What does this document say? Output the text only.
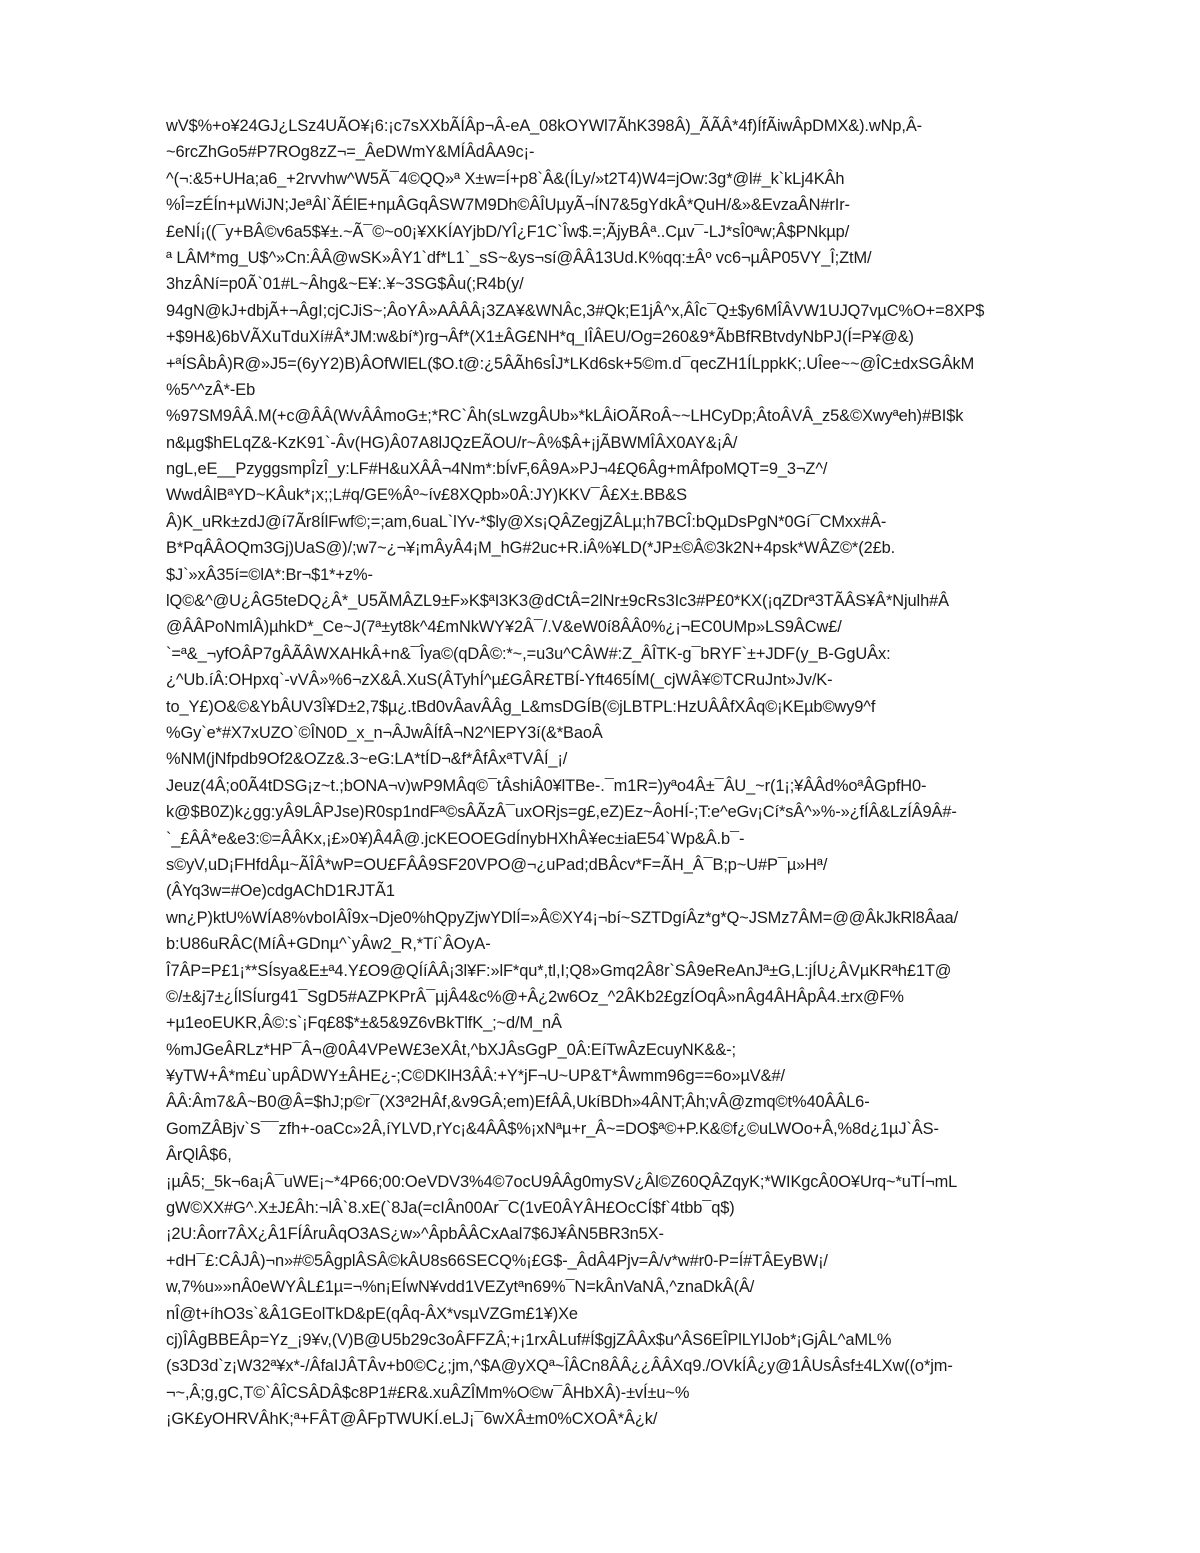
wV$%+o¥24GJ¿LSz4UÃO¥¡6:¡c7sXXbÃÍÂp¬Â-eA_08kOYWl7ÃhK398Â)_ÃÃÂ*4f)ÍfÃiwÂpDMX&).wNp,Â-
~6rcZhGo5#P7ROg8zZ¬=_ÂeDWmY&MÍÂdÂA9c¡-
^(¬:&5+UHa;a6_+2rvvhw^W5Ã¯4©QQ»ª X±w=Í+p8`Â&(ÍLy/»t2T4)W4=jOw:3g*@l#_k`kLj4KÂh
%Î=zÉÍn+µWiJN;JeªÂl`ÃÉlE+nµÂGqÂSW7M9Dh©ÂÎUµyÃ¬ÍN7&5gYdkÂ*QuH/&»&EvzaÂN#rIr-
£eNÍ¡((¯y+BÂ©v6a5$¥±.~Ã¯©~o0¡¥XKÍAYjbD/YÎ¿F1C`Îw$.=;ÃjyBÂª..Cµv¯-LJ*sÎ0ªw;Â$PNkµp/
ª LÂM*mg_U$^»Cn:ÂÂ@wSK»ÂY1`df*L1`_sS~&ys¬sí@ÂÂ13Ud.K%qq:±Âº vc6¬µÂP05VY_Î;ZtM/
3hzÂNí=p0Ã`01#L~Âhg&~E¥:.¥~3SG$Âu(;R4b(y/
94gN@kJ+dbjÃ+¬ÂgI;cjCJiS~;ÂoYÂ»AÂÂÂ¡3ZA¥&WNÂc,3#Qk;E1jÂ^x,ÂÎc¯Q±$y6MÎÂVW1UJQ7vµC%O+=8XP$
+$9H&)6bVÃXuTduXí#Â*JM:w&bí*)rg¬Âf*(X1±ÂG£NH*q_IÎÂEU/Og=260&9*ÃbBfRBtvdyNbPJ(Í=P¥@&)
+ªÍSÂbÂ)R@»J5=(6yY2)B)ÂOfWlEL($O.t@:¿5ÂÃh6sÎJ*LKd6sk+5©m.d¯qecZH1ÍLppkK;.UÎee~~@ÎC±dxSGÂkM
%5^^zÂ*-Eb
%97SM9ÂÂ.M(+c@ÂÂ(WvÂÂmoG±;*RC`Âh(sLwzgÂUb»*kLÂiOÃRoÂ~~LHCyDp;ÂtoÂVÂ_z5&©Xwyªeh)#BI$k
n&µg$hELqZ&-KzK91`-Âv(HG)Â07A8lJQzEÃOU/r~Â%$Â+¡jÃBWMÎÂX0AY&¡Â/
ngL,eE__PzyggsmpÎzÎ_y:LF#H&uXÂÂ¬4Nm*:bÍvF,6Â9A»PJ¬4£Q6Âg+mÂfpoMQT=9_3¬Z^/
WwdÂlBªYD~KÂuk*¡x;;L#q/GE%Âº~ív£8XQpb»0Â:JY)KKV¯Â£X±.BB&S
Â)K_uRk±zdJ@í7Ãr8ÍlFwf©;=;am,6uaL`lYv-*$ly@Xs¡QÂZegjZÂLµ;h7BCÎ:bQµDsPgN*0Gí¯CMxx#Â-
B*PqÂÂOQm3Gj)UaS@)/;w7~¿¬¥¡mÂyÂ4¡M_hG#2uc+R.iÂ%¥LD(*JP±©Â©3k2N+4psk*WÂZ©*(2£b.
$J`»xÂ35í=©lA*:Br¬$1*+z%-
lQ©&^@U¿ÂG5teDQ¿Â*_U5ÃMÂZL9±F»K$ªI3K3@dCtÂ=2lNr±9cRs3Ic3#P£0*KX(¡qZDrª3TÃÂS¥Â*Njulh#Â
@ÂÂPoNmlÂ)µhkD*_Ce~J(7ª±yt8k^4£mNkWY¥2Â¯/.V&eW0í8ÂÂ0%¿¡¬EC0UMp»LS9ÂCw£/
`=ª&_¬yfOÂP7gÂÃÂWXAHkÂ+n&¯Îya©(qDÂ©:*~,=u3u^CÂW#:Z_ÂÎTK-g¯bRYF`±+JDF(y_B-GgUÂx:
¿^Ub.íÂ:OHpxq`-vVÂ»%6¬zX&Â.XuS(ÂTyhÍ^µ£GÂR£TBÍ-Yft465ÍM(_cjWÂ¥©TCRuJnt»Jv/K-
to_Y£)O&©&YbÂUV3Î¥D±2,7$µ¿.tBd0vÂavÂÂg_L&msDGÍB(©jLBTPL:HzUÂÂfXÂq©¡KEµb©wy9^f
%Gy`e*#X7xUZO`©ÎN0D_x_n¬ÂJwÂÍfÂ¬N2^lEPY3í(&*BaoÂ
%NM(jNfpdb9Of2&OZz&.3~eG:LA*tÍD¬&f*ÂfÂxªTVÂÍ_¡/
Jeuz(4Â;o0Ã4tDSG¡z~t.;bONA¬v)wP9MÂq©¯tÂshiÂ0¥lTBe-.¯m1R=)yªo4Â±¯ÂU_~r(1¡;¥ÂÂd%oªÂGpfH0-
k@$B0Z)k¿gg:yÂ9LÂPJse)R0sp1ndFª©sÂÃzÂ¯uxORjs=g£,eZ)Ez~ÂoHÍ-;T:e^eGv¡Cí*sÂ^»%-»¿fÍÂ&LzÍÂ9Â#-
`_£ÂÂ*e&e3:©=ÂÂKx,¡£»0¥)Â4Â@.jcKEOOEGdÍnybHXhÂ¥ec±iaE54`Wp&Â.b¯-
s©yV,uD¡FHfdÂµ~ÃÎÂ*wP=OU£FÂÂ9SF20VPO@¬¿uPad;dBÂcv*F=ÃH_Â¯B;p~U#P¯µ»Hª/
(ÂYq3w=#Oe)cdgAChD1RJTÃ1
wn¿P)ktU%WÍA8%vboIÂÎ9x¬Dje0%hQpyZjwYDlÍ=»Â©XY4¡¬bí~SZTDgíÂz*g*Q~JSMz7ÂM=@@ÂkJkRl8Âaa/
b:U86uRÂC(MíÂ+GDnµ^`yÂw2_R,*Tí`ÂOyA-
Î7ÂP=P£1¡**SÍsya&E±ª4.Y£O9@QÍíÂÂ¡3l¥F:»lF*qu*,tl,I;Q8»Gmq2Â8r`SÂ9eReAnJª±G,L:jÍU¿ÂVµKRªh£1T@
©/±&j7±¿ÍlSÍurg41¯SgD5#AZPKPrÂ¯µjÂ4&c%@+Â¿2w6Oz_^2ÂKb2£gzÍOqÂ»nÂg4ÂHÂpÂ4.±rx@F%
+µ1eoEUKR,Â©:s`¡Fq£8$*±&5&9Z6vBkTlfK_;~d/M_nÂ
%mJGeÂRLz*HP¯Â¬@0Â4VPeW£3eXÂt,^bXJÂsGgP_0Â:EíTwÂzEcuyNK&&-;
¥yTW+Â*m£u`upÂDWY±ÂHE¿-;C©DKlH3ÂÂ:+Y*jF¬U~UP&T*Âwmm96g==6o»µV&#/
ÂÂ:Âm7&Â~B0@Â=$hJ;p©r¯(X3ª2HÂf,&v9GÂ;em)EfÂÂ,UkíBDh»4ÂNT;Âh;vÂ@zmq©t%40ÂÂL6-
GomZÂBjv`S¯¯zfh+-oaCc»2Â,íYLVD,rYc¡&4ÂÂ$%¡xNªµ+r_Â~=DO$ª©+P.K&©f¿©uLWOo+Â,%8d¿1µJ`ÂS-
ÂrQlÂ$6,
¡µÂ5;_5k¬6a¡Â¯uWE¡~*4P66;00:OeVDV3%4©7ocU9ÂÂg0mySV¿Âl©Z60QÂZqyK;*WIKgcÂ0O¥Urq~*uTÍ¬mL
gW©XX#G^.X±J£Âh:¬lÂ`8.xE(`8Ja(=cIÂn00Ar¯C(1vE0ÂYÂH£OcCÍ$f`4tbb¯q$)
¡2U:Âorr7ÂX¿Â1FÍÂruÂqO3AS¿w»^ÂpbÂÂCxAal7$6J¥ÂN5BR3n5X-
+dH¯£:CÂJÂ)¬n»#©5ÂgplÂSÂ©kÂU8s66SECQ%¡£G$-_ÂdÂ4Pjv=Â/v*w#r0-P=Í#TÂEyBW¡/
w,7%u»»nÂ0eWYÂL£1µ=¬%n¡EÍwN¥vdd1VEZytªn69%¯N=kÂnVaNÂ,^znaDkÂ(Â/
nÎ@t+íhO3s`&Â1GEolTkD&pE(qÂq-ÂX*vsµVZGm£1¥)Xe
cj)ÎÂgBBEÂp=Yz_¡9¥v,(V)B@U5b29c3oÂFFZÂ;+¡1rxÂLuf#Í$gjZÂÂx$u^ÂS6EÎPlLYlJob*¡GjÂL^aML%
(s3D3d`z¡W32ª¥x*-/ÂfaIJÂTÂv+b0©C¿;jm,^$A@yXQª~ÎÂCn8ÂÂ¿¿ÂÂXq9./OVkÍÂ¿y@1ÂUsÂsf±4LXw((o*jm-
¬~,Â;g,gC,T©`ÂÎCSÂDÂ$c8P1#£R&.xuÂZÎMm%O©w¯ÂHbXÂ)-±vÍ±u~%
¡GK£yOHRVÂhK;ª+FÂT@ÂFpTWUKÍ.eLJ¡¯6wXÂ±m0%CXOÂ*Â¿k/
